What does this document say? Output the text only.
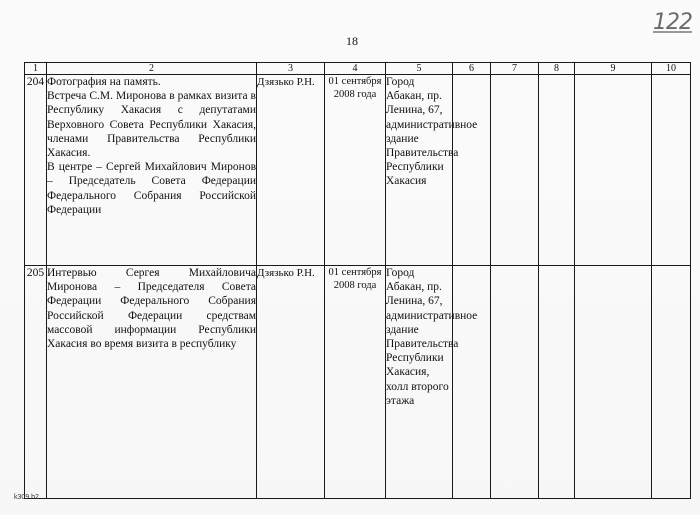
122
18
1	2	3	4	5	6	7	8	9	10
204	Фотография на память.

Встреча С.М. Миронова в рамках визита в Республику Хакасия с депутатами Верховного Совета Республики Хакасия, членами Правительства Республики Хакасия.

В центре – Сергей Михайлович Миронов – Председатель Совета Федерации Федерального Собрания Российской Федерации	Дзязько Р.Н.	01 сентября 2008 года	Город Абакан, пр. Ленина, 67, административное здание Правительства Республики Хакасия					
205	Интервью Сергея Михайловича Миронова – Председателя Совета Федерации Федерального Собрания Российской Федерации средствам массовой информации Республики Хакасия во время визита в республику	Дзязько Р.Н.	01 сентября 2008 года	Город Абакан, пр. Ленина, 67, административное здание Правительства Республики Хакасия, холл второго этажа					
k309 b2
